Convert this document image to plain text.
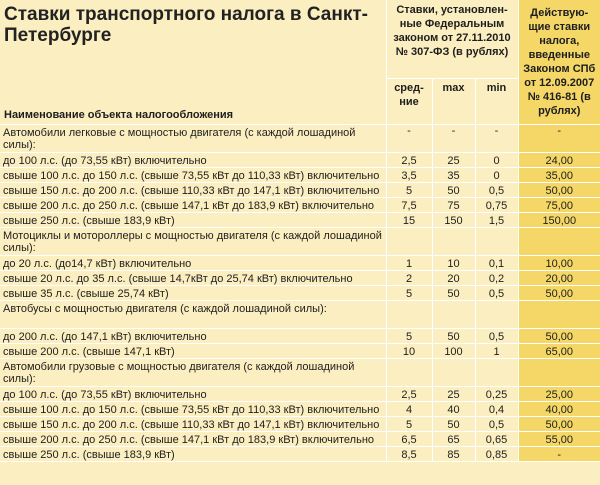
Ставки транспортного налога в Санкт-Петербурге
Наименование объекта налогообложения	Ставки, установлен-ные Федеральным законом от 27.11.2010 № 307-ФЗ (в рублях)			Действую-щие ставки налога, введенные Законом СПб от 12.09.2007 № 416-81 (в рублях)
	сред-ние	max	min	
Автомобили легковые с мощностью двигателя (с каждой лошадиной силы):	-	-	-	-
до 100 л.с. (до 73,55 кВт) включительно	2,5	25	0	24,00
свыше 100 л.с. до 150 л.с. (свыше 73,55 кВт до 110,33 кВт) включительно	3,5	35	0	35,00
свыше 150 л.с. до 200 л.с. (свыше 110,33 кВт до 147,1 кВт) включительно	5	50	0,5	50,00
свыше 200 л.с. до 250 л.с. (свыше 147,1 кВт до 183,9 кВт) включительно	7,5	75	0,75	75,00
свыше 250 л.с. (свыше 183,9 кВт)	15	150	1,5	150,00
Мотоциклы и мотороллеры с мощностью двигателя (с каждой лошадиной силы):				
до 20 л.с. (до14,7 кВт) включительно	1	10	0,1	10,00
свыше 20 л.с. до 35 л.с. (свыше 14,7кВт до 25,74 кВт) включительно	2	20	0,2	20,00
свыше 35 л.с. (свыше 25,74 кВт)	5	50	0,5	50,00
Автобусы с мощностью двигателя (с каждой лошадиной силы):				
до 200 л.с. (до 147,1 кВт) включительно	5	50	0,5	50,00
свыше 200 л.с. (свыше 147,1 кВт)	10	100	1	65,00
Автомобили грузовые с мощностью двигателя (с каждой лошадиной силы):				
до 100 л.с. (до 73,55 кВт) включительно	2,5	25	0,25	25,00
свыше 100 л.с. до 150 л.с. (свыше 73,55 кВт до 110,33 кВт) включительно	4	40	0,4	40,00
свыше 150 л.с. до 200 л.с. (свыше 110,33 кВт до 147,1 кВт) включительно	5	50	0,5	50,00
свыше 200 л.с. до 250 л.с. (свыше 147,1 кВт до 183,9 кВт) включительно	6,5	65	0,65	55,00
свыше 250 л.с. (свыше 183,9 кВт)	8,5	85	0,85	-
